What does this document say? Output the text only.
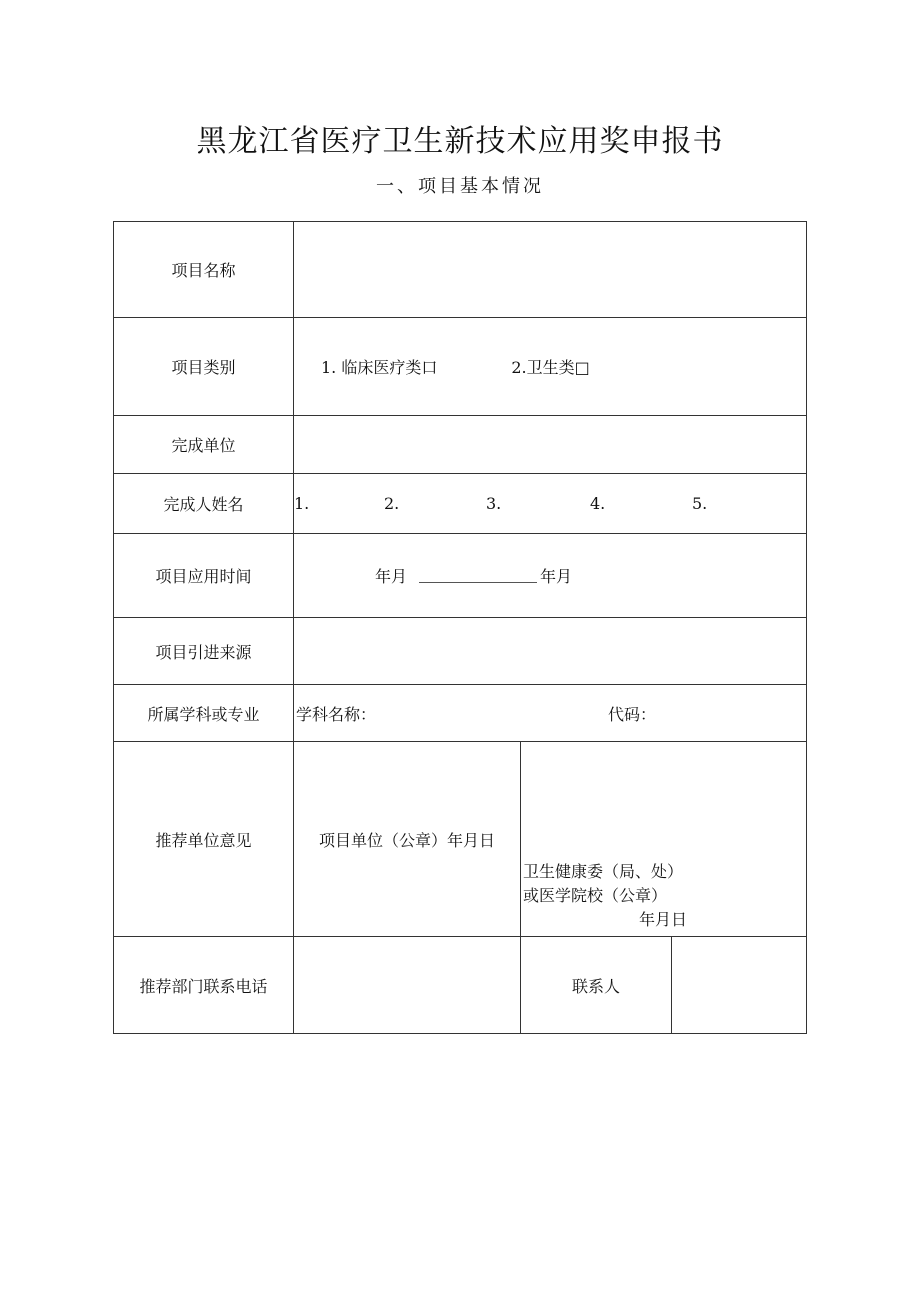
黑龙江省医疗卫生新技术应用奖申报书
一、项目基本情况
项目名称			
项目类别	1. 临床医疗类口 2.卫生类□		

完成单位			
完成人姓名	1. 2. 3. 4. 5.		

项目应用时间	年月 年月		

项目引进来源			
所属学科或专业	学科名称： 代码：		

推荐单位意见	项目单位（公章）年月日	卫生健康委（局、处）
或医学院校（公章）
年月日	

推荐部门联系电话		联系人	
